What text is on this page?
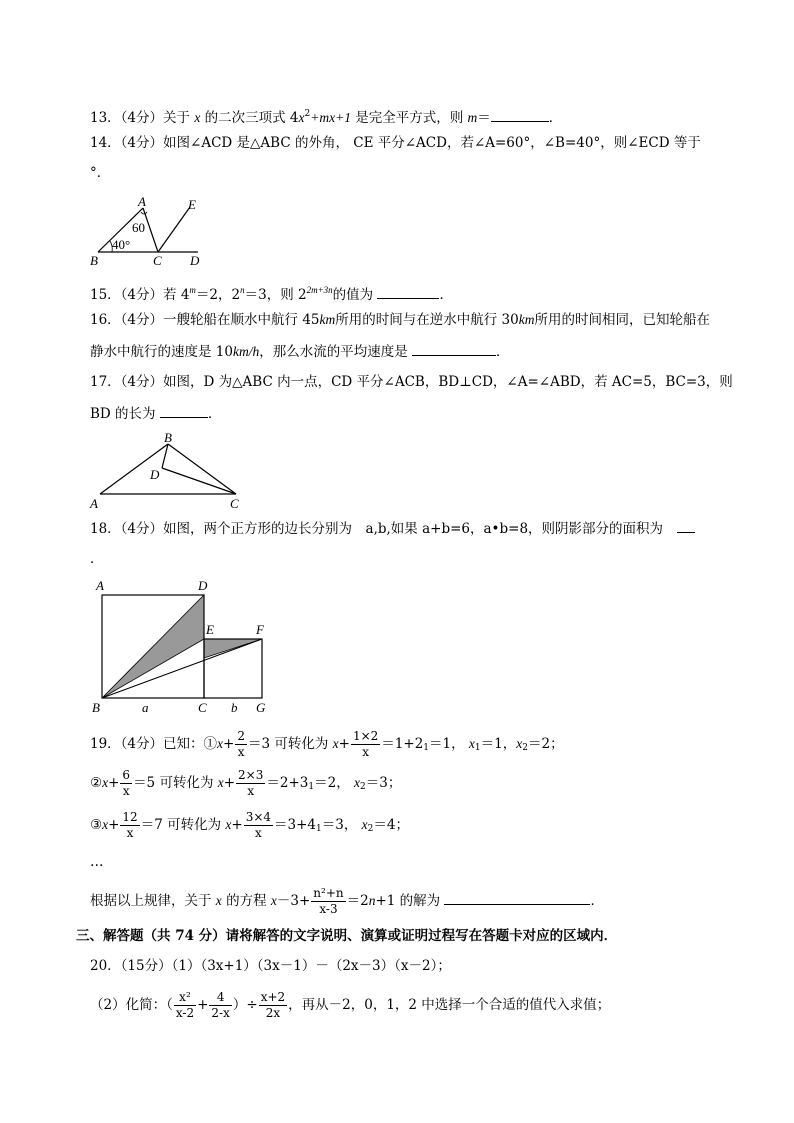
13．（4分）关于 x 的二次三项式 $4x^2+mx+1$ 是完全平方式，则 m＝	．
14．（4分）如图∠ACD 是△ABC 的外角， CE 平分∠ACD，若∠A=60°，∠B=40°，则∠ECD 等于
°．
A
B	C D
E
60
40°
15．（4分）若 $4^m=2$，$2^n=3$，则 $2^{2m+3n}$的值为	．
16．（4分）一艘轮船在顺水中航行 45km所用的时间与在逆水中航行 30km所用的时间相同，已知轮船在
静水中航行的速度是 10km/h，那么水流的平均速度是	．
17．（4分）如图，D 为△ABC 内一点，CD 平分∠ACB，BD⊥CD，∠A=∠ABD，若 AC=5，BC=3，则
BD 的长为	．
B
D
A	C
18．（4分）如图，两个正方形的边长分别为　a,b,如果 a+b=6，a•b=8，则阴影部分的面积为
．
A	D
E	F
B	C	G
a	b
19．（4分）已知：①x+ $\frac{2}{x} =3$ 可转化为 $x+ \frac{1\times 2}{x} =1+2_1=1$， $x_1=1$，$x_2=2$；
②x+ $\frac{6}{x} =5$ 可转化为 $x+ \frac{2\times 3}{x} =2+3_1=2$， $x_2=3$；
③x+ $\frac{12}{x} =7$ 可转化为 $x+ \frac{3\times 4}{x} =3+4_1=3$， $x_2=4$；
…
根据以上规律，关于 x 的方程 $x-3+ \frac{\text{n²+n}}{x-3} =2n+1$ 的解为	．
三、解答题（共 74 分）请将解答的文字说明、演算或证明过程写在答题卡对应的区域内．
20．（15分）（1）（3x+1）（3x－1）－（2x－3）（x－2）；
（2）化简：（ $\frac{\text{x²}}{x-2} + \frac{4}{2-x}$ ）÷ $\frac{x+2}{2x}$ ，再从－2，0，1，2 中选择一个合适的值代入求值；
